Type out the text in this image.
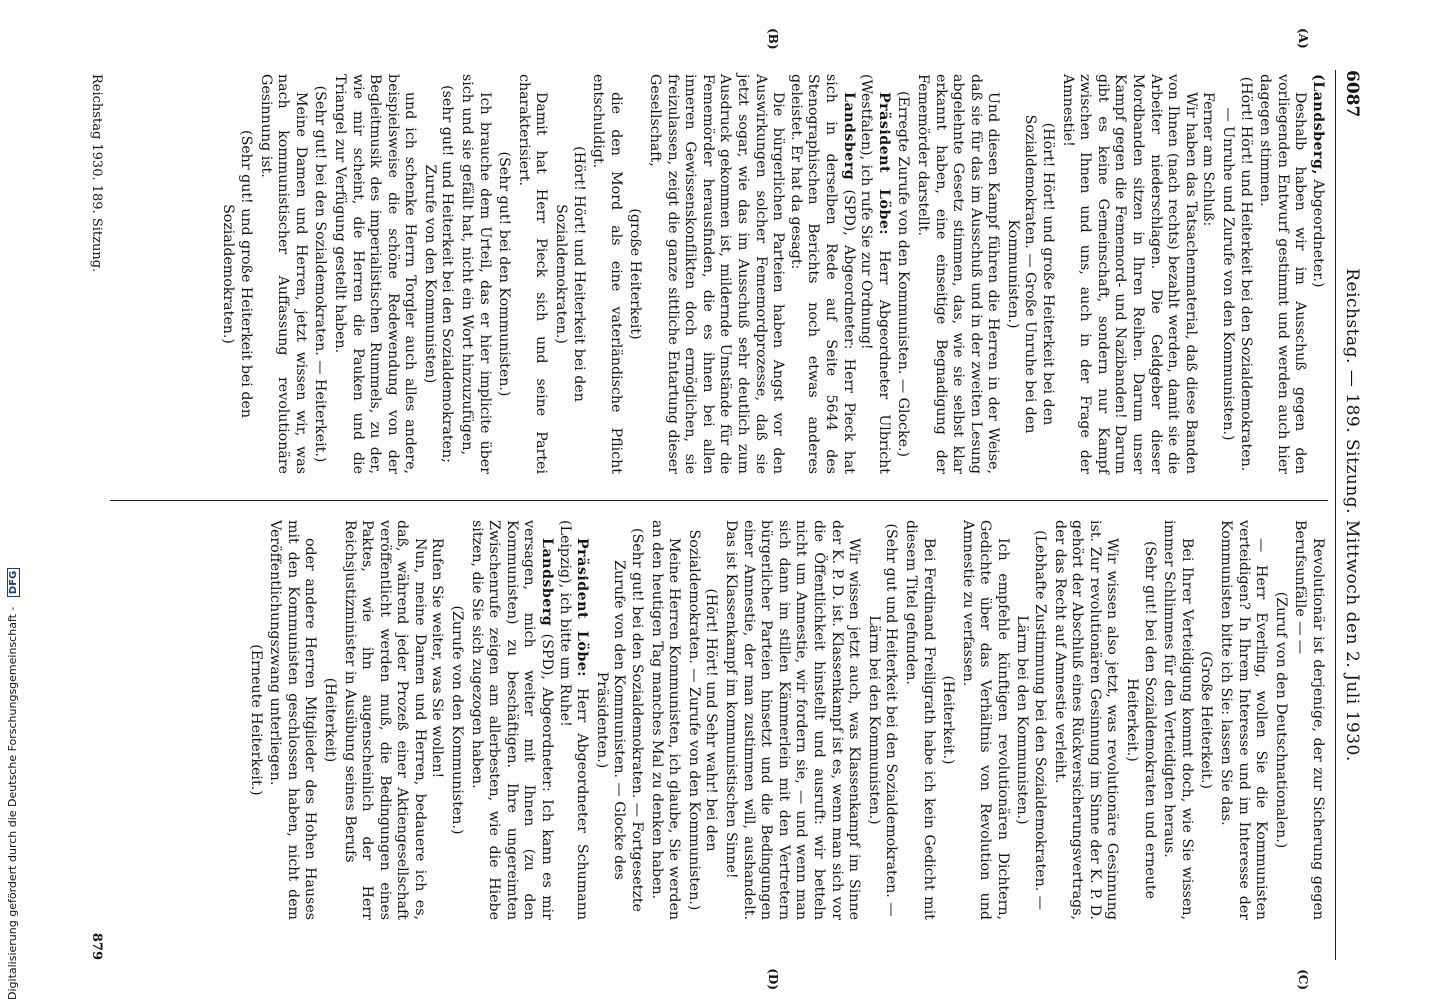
6087
Reichstag. — 189. Sitzung. Mittwoch den 2. Juli 1930.
(A)
(B)
(C)
(D)

(Landsberg, Abgeordneter.)

Deshalb haben wir im Ausschuß gegen den vorliegenden Entwurf gestimmt und werden auch hier dagegen stimmen.

(Hört! Hört! und Heiterkeit bei den Sozialdemokraten. — Unruhe und Zurufe von den Kommunisten.)

Ferner am Schluß:

Wir haben das Tatsachenmaterial, daß diese Banden von Ihnen (nach rechts) bezahlt werden, damit sie die Arbeiter niederschlagen. Die Geldgeber dieser Mordbanden sitzen in Ihren Reihen. Darum unser Kampf gegen die Fememord- und Nazibanden! Darum gibt es keine Gemeinschaft, sondern nur Kampf zwischen Ihnen und uns, auch in der Frage der Amnestie!

(Hört! Hört! und große Heiterkeit bei den Sozialdemokraten. — Große Unruhe bei den Kommunisten.)

Und diesen Kampf führen die Herren in der Weise, daß sie für das im Ausschuß und in der zweiten Lesung abgelehnte Gesetz stimmen, das, wie sie selbst klar erkannt haben, eine einseitige Begnadigung der Fememörder darstellt.

(Erregte Zurufe von den Kommunisten. — Glocke.)

Präsident Löbe: Herr Abgeordneter Ulbricht (Westfalen), ich rufe Sie zur Ordnung!

Landsberg (SPD), Abgeordneter: Herr Pieck hat sich in derselben Rede auf Seite 5644 des Stenographischen Berichts noch etwas anderes geleistet. Er hat da gesagt:

Die bürgerlichen Parteien haben Angst vor den Auswirkungen solcher Fememordprozesse, daß sie jetzt sogar, wie das im Ausschuß sehr deutlich zum Ausdruck gekommen ist, mildernde Umstände für die Fememörder herausfinden, die es ihnen bei allen inneren Gewissenskonflikten doch ermöglichen, sie freizulassen, zeigt die ganze sittliche Entartung dieser Gesellschaft,

(große Heiterkeit)

die den Mord als eine vaterländische Pflicht entschuldigt.

(Hört! Hört! und Heiterkeit bei den Sozialdemokraten.)

Damit hat Herr Pieck sich und seine Partei charakterisiert.

(Sehr gut! bei den Kommunisten.)

Ich brauche dem Urteil, das er hier implicite über sich und sie gefällt hat, nicht ein Wort hinzuzufügen,

(sehr gut! und Heiterkeit bei den Sozialdemokraten; Zurufe von den Kommunisten)

und ich schenke Herrn Torgler auch alles andere, beispielsweise die schöne Redewendung von der Begleitmusik des imperialistischen Rummels, zu der, wie mir scheint, die Herren die Pauken und die Triangel zur Verfügung gestellt haben.

(Sehr gut! bei den Sozialdemokraten. — Heiterkeit.)

Meine Damen und Herren, jetzt wissen wir, was nach kommunistischer Auffassung revolutionäre Gesinnung ist.

(Sehr gut! und große Heiterkeit bei den Sozialdemokraten.)

Revolutionär ist derjenige, der zur Sicherung gegen Berufsunfälle — —

(Zuruf von den Deutschnationalen.)

— Herr Everling, wollen Sie die Kommunisten verteidigen? In Ihrem Interesse und im Interesse der Kommunisten bitte ich Sie: lassen Sie das.

(Große Heiterkeit.)

Bei Ihrer Verteidigung kommt doch, wie Sie wissen, immer Schlimmes für den Verteidigten heraus.

(Sehr gut! bei den Sozialdemokraten und erneute Heiterkeit.)

Wir wissen also jetzt, was revolutionäre Gesinnung ist. Zur revolutionären Gesinnung im Sinne der K. P. D. gehört der Abschluß eines Rückversicherungsvertrags, der das Recht auf Amnestie verleiht.

(Lebhafte Zustimmung bei den Sozialdemokraten. — Lärm bei den Kommunisten.)

Ich empfehle künftigen revolutionären Dichtern, Gedichte über das Verhältnis von Revolution und Amnestie zu verfassen.

(Heiterkeit.)

Bei Ferdinand Freiligrath habe ich kein Gedicht mit diesem Titel gefunden.

(Sehr gut und Heiterkeit bei den Sozialdemokraten. — Lärm bei den Kommunisten.)

Wir wissen jetzt auch, was Klassenkampf im Sinne der K. P. D. ist. Klassenkampf ist es, wenn man sich vor die Öffentlichkeit hinstellt und ausruft: wir betteln nicht um Amnestie, wir fordern sie, — und wenn man sich dann im stillen Kämmerlein mit den Vertretern bürgerlicher Parteien hinsetzt und die Bedingungen einer Amnestie, der man zustimmen will, aushandelt. Das ist Klassenkampf im kommunistischen Sinne!

(Hört! Hört! und Sehr wahr! bei den Sozialdemokraten. — Zurufe von den Kommunisten.)

Meine Herren Kommunisten, ich glaube, Sie werden an den heutigen Tag manches Mal zu denken haben.

(Sehr gut! bei den Sozialdemokraten. — Fortgesetzte Zurufe von den Kommunisten. — Glocke des Präsidenten.)

Präsident Löbe: Herr Abgeordneter Schumann (Leipzig), ich bitte um Ruhe!

Landsberg (SPD), Abgeordneter: Ich kann es mir versagen, mich weiter mit Ihnen (zu den Kommunisten) zu beschäftigen. Ihre ungereimten Zwischenrufe zeigen am allerbesten, wie die Hiebe sitzen, die Sie sich zugezogen haben.

(Zurufe von den Kommunisten.)

Rufen Sie weiter, was Sie wollen!

Nun, meine Damen und Herren, bedauere ich es, daß, während jeder Prozeß einer Aktiengesellschaft veröffentlicht werden muß, die Bedingungen eines Paktes, wie ihn augenscheinlich der Herr Reichsjustizminister in Ausübung seines Berufs

(Heiterkeit)

oder andere Herren Mitglieder des Hohen Hauses mit den Kommunisten geschlossen haben, nicht dem Veröffentlichungszwang unterliegen.

(Erneute Heiterkeit.)

Reichstag 1930. 189. Sitzung.
879
Digitalisierung gefördert durch die Deutsche Forschungsgemeinschaft - DFG
